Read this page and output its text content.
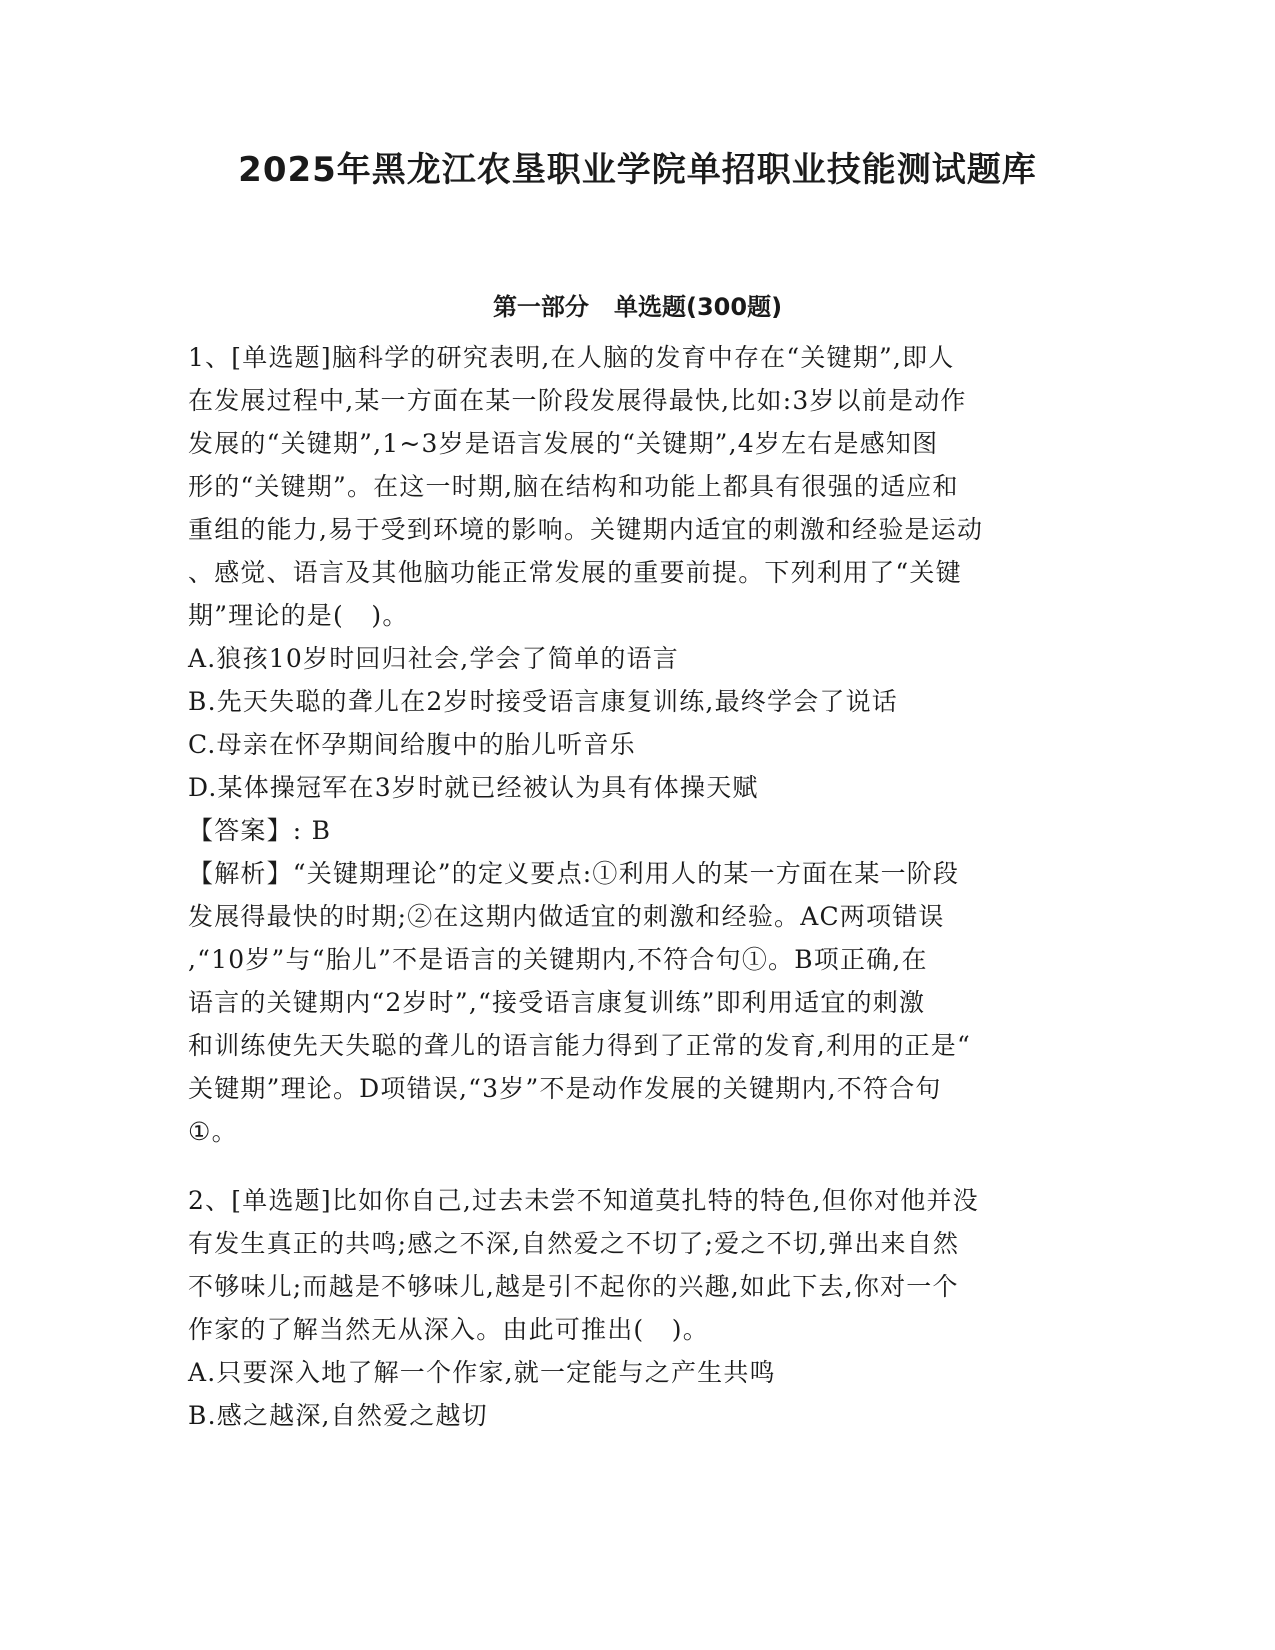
2025年黑龙江农垦职业学院单招职业技能测试题库
第一部分   单选题(300题)
1、[单选题]脑科学的研究表明,在人脑的发育中存在“关键期”,即人
在发展过程中,某一方面在某一阶段发展得最快,比如:3岁以前是动作
发展的“关键期”,1~3岁是语言发展的“关键期”,4岁左右是感知图
形的“关键期”。在这一时期,脑在结构和功能上都具有很强的适应和
重组的能力,易于受到环境的影响。关键期内适宜的刺激和经验是运动
、感觉、语言及其他脑功能正常发展的重要前提。下列利用了“关键
期”理论的是(   )。
A.狼孩10岁时回归社会,学会了简单的语言
B.先天失聪的聋儿在2岁时接受语言康复训练,最终学会了说话
C.母亲在怀孕期间给腹中的胎儿听音乐
D.某体操冠军在3岁时就已经被认为具有体操天赋
【答案】: B
【解析】“关键期理论”的定义要点:①利用人的某一方面在某一阶段
发展得最快的时期;②在这期内做适宜的刺激和经验。AC两项错误
,“10岁”与“胎儿”不是语言的关键期内,不符合句①。B项正确,在
语言的关键期内“2岁时”,“接受语言康复训练”即利用适宜的刺激
和训练使先天失聪的聋儿的语言能力得到了正常的发育,利用的正是“
关键期”理论。D项错误,“3岁”不是动作发展的关键期内,不符合句
①。
2、[单选题]比如你自己,过去未尝不知道莫扎特的特色,但你对他并没
有发生真正的共鸣;感之不深,自然爱之不切了;爱之不切,弹出来自然
不够味儿;而越是不够味儿,越是引不起你的兴趣,如此下去,你对一个
作家的了解当然无从深入。由此可推出(   )。
A.只要深入地了解一个作家,就一定能与之产生共鸣
B.感之越深,自然爱之越切
